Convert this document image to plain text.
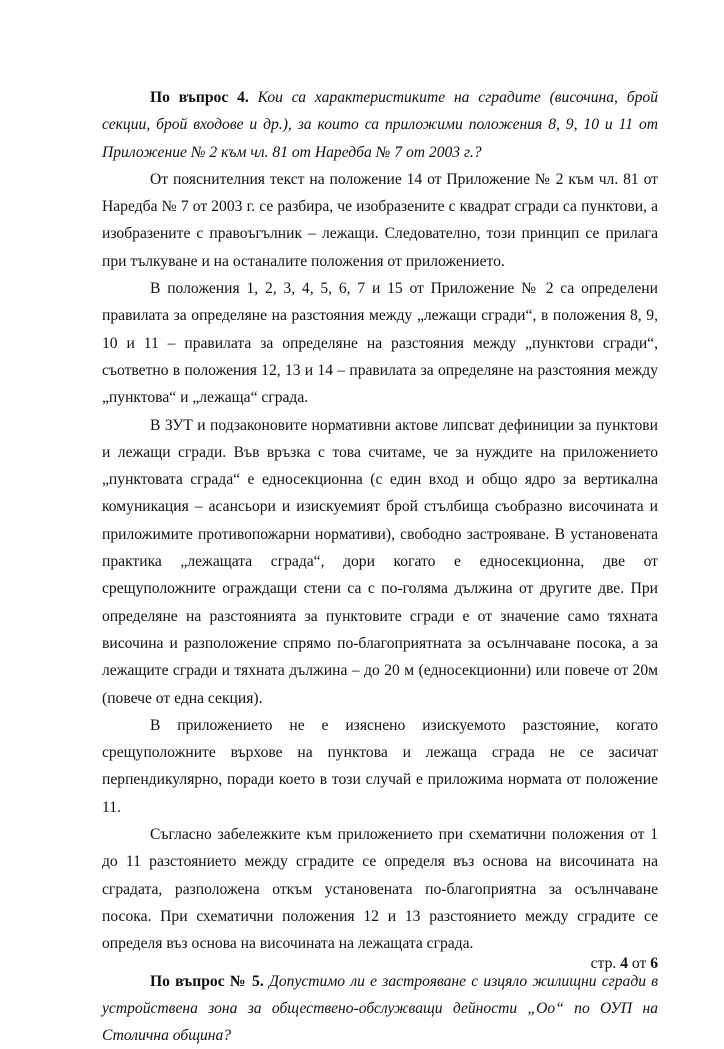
По въпрос 4. Кои са характеристиките на сградите (височина, брой секции, брой входове и др.), за които са приложими положения 8, 9, 10 и 11 от Приложение № 2 към чл. 81 от Наредба № 7 от 2003 г.?

От пояснителния текст на положение 14 от Приложение № 2 към чл. 81 от Наредба № 7 от 2003 г. се разбира, че изобразените с квадрат сгради са пунктови, а изобразените с правоъгълник – лежащи. Следователно, този принцип се прилага при тълкуване и на останалите положения от приложението.

В положения 1, 2, 3, 4, 5, 6, 7 и 15 от Приложение № 2 са определени правилата за определяне на разстояния между „лежащи сгради“, в положения 8, 9, 10 и 11 – правилата за определяне на разстояния между „пунктови сгради“, съответно в положения 12, 13 и 14 – правилата за определяне на разстояния между „пунктова“ и „лежаща“ сграда.

В ЗУТ и подзаконовите нормативни актове липсват дефиниции за пунктови и лежащи сгради. Във връзка с това считаме, че за нуждите на приложението „пунктовата сграда“ е едносекционна (с един вход и общо ядро за вертикална комуникация – асансьори и изискуемият брой стълбища съобразно височината и приложимите противопожарни нормативи), свободно застрояване. В установената практика „лежащата сграда“, дори когато е едносекционна, две от срещуположните ограждащи стени са с по-голяма дължина от другите две. При определяне на разстоянията за пунктовите сгради е от значение само тяхната височина и разположение спрямо по-благоприятната за осълнчаване посока, а за лежащите сгради и тяхната дължина – до 20 м (едносекционни) или повече от 20м (повече от една секция).

В приложението не е изяснено изискуемото разстояние, когато срещуположните върхове на пунктова и лежаща сграда не се засичат перпендикулярно, поради което в този случай е приложима нормата от положение 11.

Съгласно забележките към приложението при схематични положения от 1 до 11 разстоянието между сградите се определя въз основа на височината на сградата, разположена откъм установената по-благоприятна за осълнчаване посока. При схематични положения 12 и 13 разстоянието между сградите се определя въз основа на височината на лежащата сграда.

По въпрос № 5. Допустимо ли е застрояване с изцяло жилищни сгради в устройствена зона за обществено-обслужващи дейности „Оо“ по ОУП на Столична община?

стр. 4 от 6
